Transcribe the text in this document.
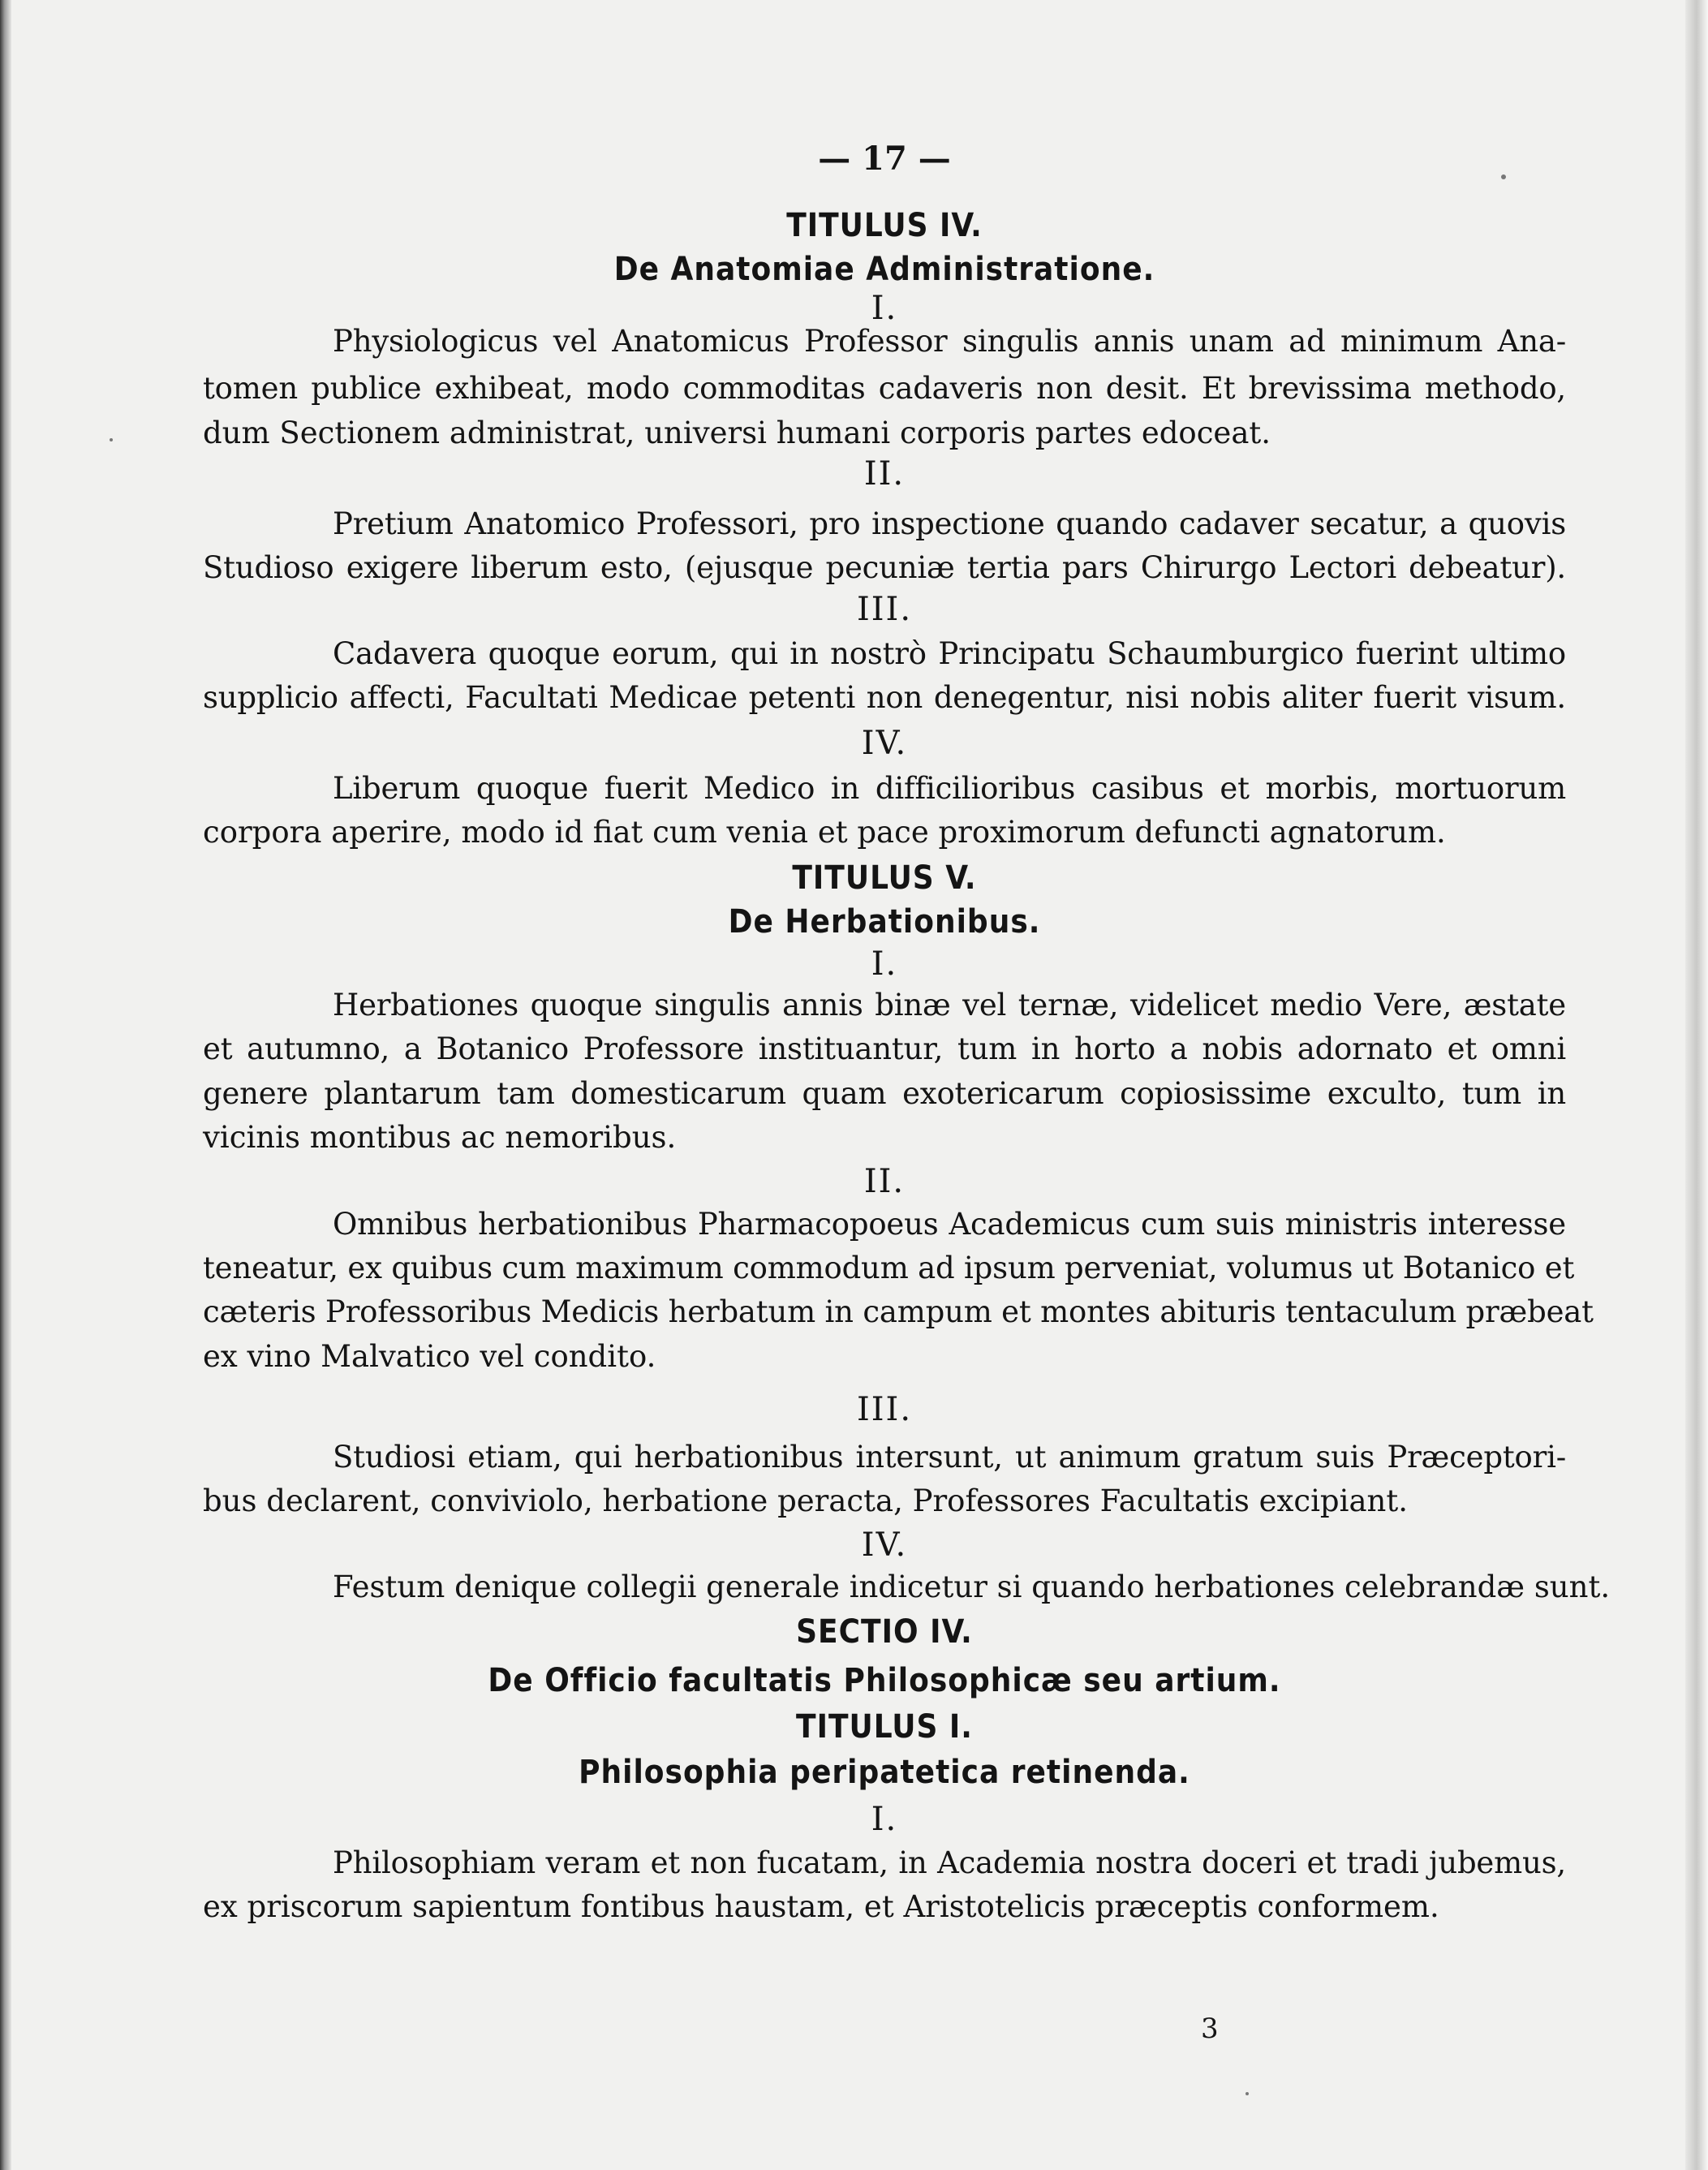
— 17 —
TITULUS IV.
De Anatomiae Administratione.
I.
Physiologicus vel Anatomicus Professor singulis annis unam ad minimum Ana-
tomen publice exhibeat, modo commoditas cadaveris non desit. Et brevissima methodo,
dum Sectionem administrat, universi humani corporis partes edoceat.
II.
Pretium Anatomico Professori, pro inspectione quando cadaver secatur, a quovis
Studioso exigere liberum esto, (ejusque pecuniæ tertia pars Chirurgo Lectori debeatur).
III.
Cadavera quoque eorum, qui in nostrò Principatu Schaumburgico fuerint ultimo
supplicio affecti, Facultati Medicae petenti non denegentur, nisi nobis aliter fuerit visum.
IV.
Liberum quoque fuerit Medico in difficilioribus casibus et morbis, mortuorum
corpora aperire, modo id fiat cum venia et pace proximorum defuncti agnatorum.
TITULUS V.
De Herbationibus.
I.
Herbationes quoque singulis annis binæ vel ternæ, videlicet medio Vere, æstate
et autumno, a Botanico Professore instituantur, tum in horto a nobis adornato et omni
genere plantarum tam domesticarum quam exotericarum copiosissime exculto, tum in
vicinis montibus ac nemoribus.
II.
Omnibus herbationibus Pharmacopoeus Academicus cum suis ministris interesse
teneatur, ex quibus cum maximum commodum ad ipsum perveniat, volumus ut Botanico et
cæteris Professoribus Medicis herbatum in campum et montes abituris tentaculum præbeat
ex vino Malvatico vel condito.
III.
Studiosi etiam, qui herbationibus intersunt, ut animum gratum suis Præceptori-
bus declarent, conviviolo, herbatione peracta, Professores Facultatis excipiant.
IV.
Festum denique collegii generale indicetur si quando herbationes celebrandæ sunt.
SECTIO IV.
De Officio facultatis Philosophicæ seu artium.
TITULUS I.
Philosophia peripatetica retinenda.
I.
Philosophiam veram et non fucatam, in Academia nostra doceri et tradi jubemus,
ex priscorum sapientum fontibus haustam, et Aristotelicis præceptis conformem.
3
